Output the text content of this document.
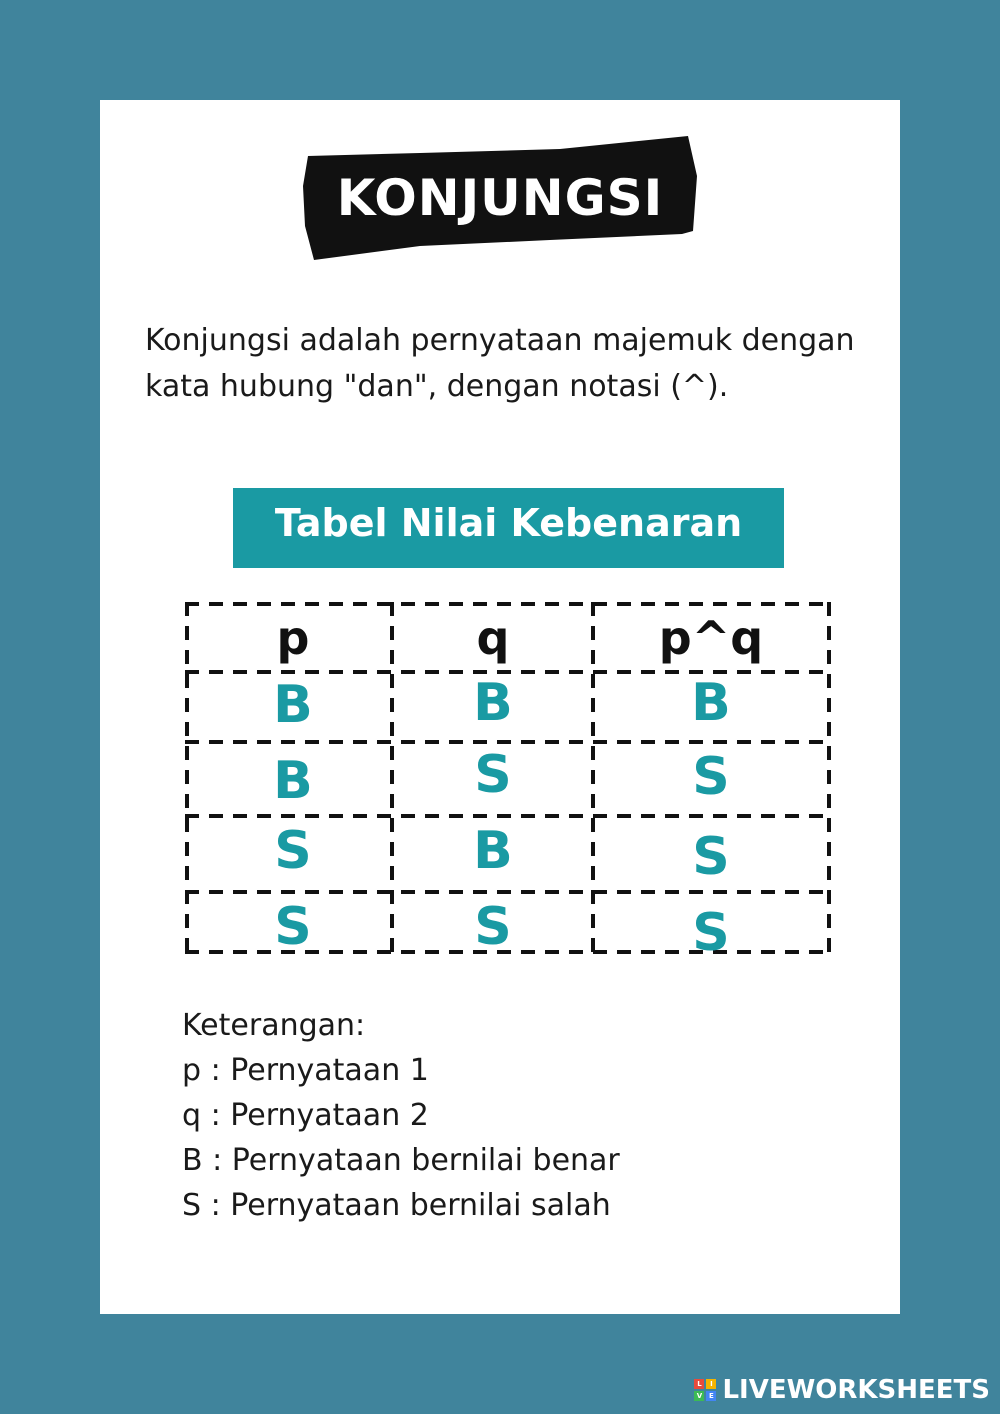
KONJUNGSI
Konjungsi adalah pernyataan majemuk dengan
kata hubung "dan", dengan notasi (^).
Tabel Nilai Kebenaran
p	q	p^q
B	B	B
B	S	S
S	B	S
S	S	S
Keterangan:
p : Pernyataan 1
q : Pernyataan 2
B : Pernyataan bernilai benar
S : Pernyataan bernilai salah
L	I
V E LIVEWORKSHEETS
